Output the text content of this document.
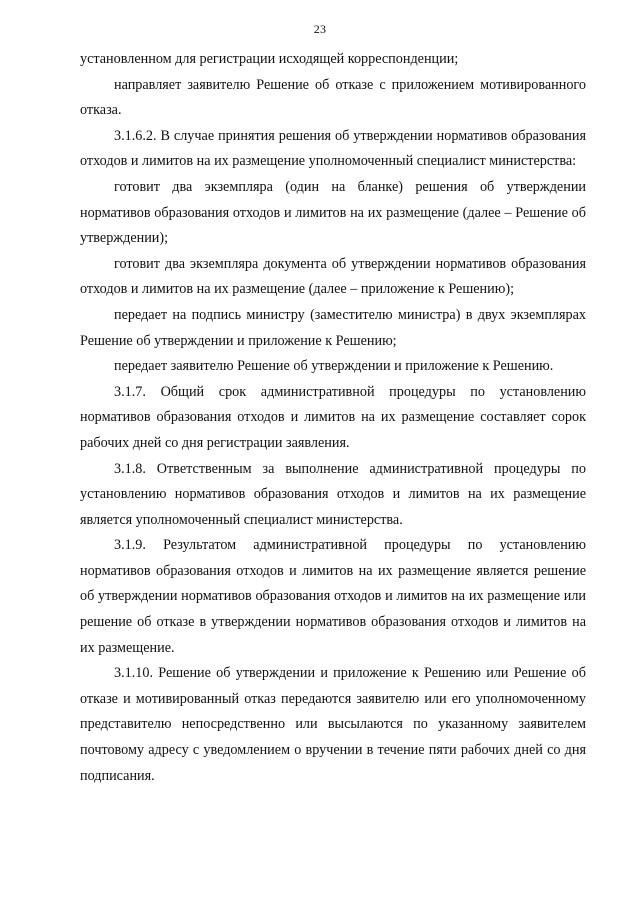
23

установленном для регистрации исходящей корреспонденции;

направляет заявителю Решение об отказе с приложением мотивированного отказа.

3.1.6.2. В случае принятия решения об утверждении нормативов образования отходов и лимитов на их размещение уполномоченный специалист министерства:

готовит два экземпляра (один на бланке) решения об утверждении нормативов образования отходов и лимитов на их размещение (далее – Решение об утверждении);

готовит два экземпляра документа об утверждении нормативов образования отходов и лимитов на их размещение (далее – приложение к Решению);

передает на подпись министру (заместителю министра) в двух экземплярах Решение об утверждении и приложение к Решению;

передает заявителю Решение об утверждении и приложение к Решению.

3.1.7. Общий срок административной процедуры по установлению нормативов образования отходов и лимитов на их размещение составляет сорок рабочих дней со дня регистрации заявления.

3.1.8. Ответственным за выполнение административной процедуры по установлению нормативов образования отходов и лимитов на их размещение является уполномоченный специалист министерства.

3.1.9. Результатом административной процедуры по установлению нормативов образования отходов и лимитов на их размещение является решение об утверждении нормативов образования отходов и лимитов на их размещение или решение об отказе в утверждении нормативов образования отходов и лимитов на их размещение.

3.1.10. Решение об утверждении и приложение к Решению или Решение об отказе и мотивированный отказ передаются заявителю или его уполномоченному представителю непосредственно или высылаются по указанному заявителем почтовому адресу с уведомлением о вручении в течение пяти рабочих дней со дня подписания.
